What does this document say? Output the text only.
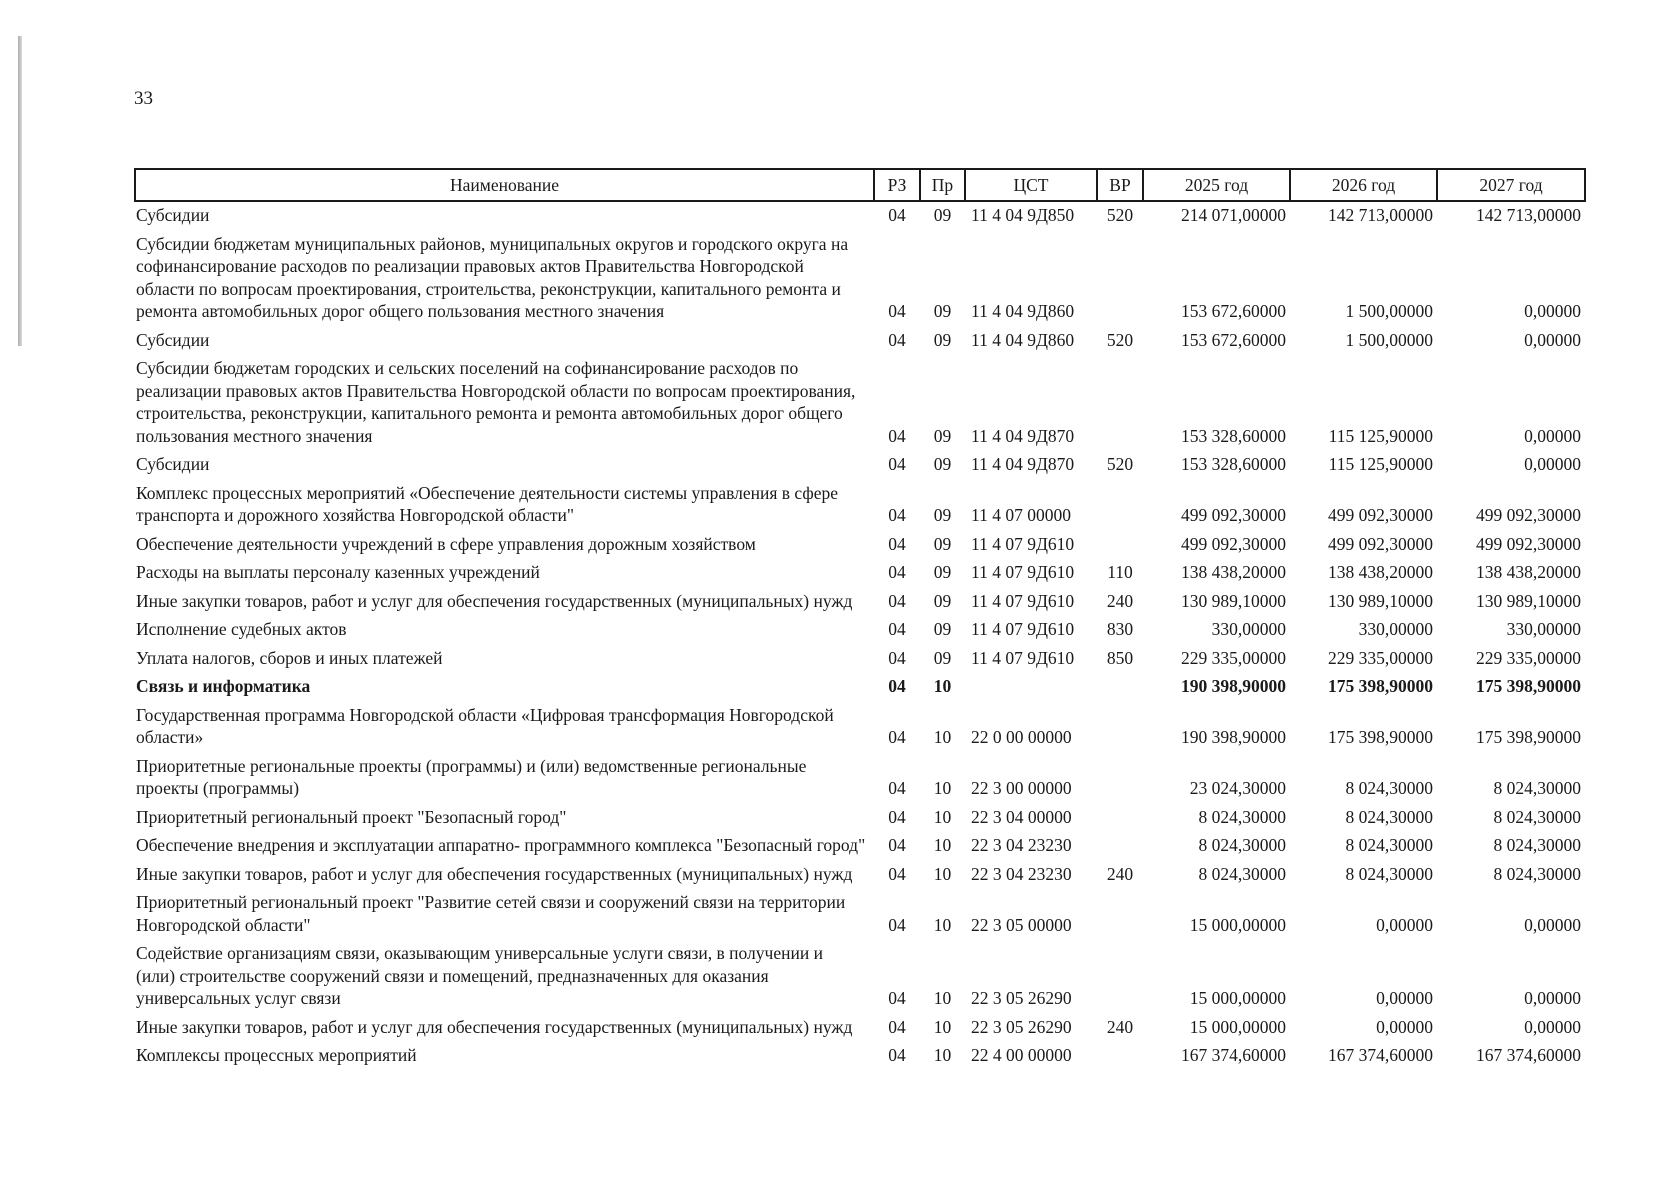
33
Наименование	РЗ	Пр	ЦСТ	ВР	2025 год	2026 год	2027 год
Субсидии	04	09	11 4 04 9Д850	520	214 071,00000	142 713,00000	142 713,00000
Субсидии бюджетам муниципальных районов, муниципальных округов и городского округа на софинансирование расходов по реализации правовых актов Правительства Новгородской области по вопросам проектирования, строительства, реконструкции, капитального ремонта и ремонта автомобильных дорог общего пользования местного значения	04	09	11 4 04 9Д860		153 672,60000	1 500,00000	0,00000
Субсидии	04	09	11 4 04 9Д860	520	153 672,60000	1 500,00000	0,00000
Субсидии бюджетам городских и сельских поселений на софинансирование расходов по реализации правовых актов Правительства Новгородской области по вопросам проектирования, строительства, реконструкции, капитального ремонта и ремонта автомобильных дорог общего пользования местного значения	04	09	11 4 04 9Д870		153 328,60000	115 125,90000	0,00000
Субсидии	04	09	11 4 04 9Д870	520	153 328,60000	115 125,90000	0,00000
Комплекс процессных мероприятий «Обеспечение деятельности системы управления в сфере транспорта и дорожного хозяйства Новгородской области"	04	09	11 4 07 00000		499 092,30000	499 092,30000	499 092,30000
Обеспечение деятельности учреждений в сфере управления дорожным хозяйством	04	09	11 4 07 9Д610		499 092,30000	499 092,30000	499 092,30000
Расходы на выплаты персоналу казенных учреждений	04	09	11 4 07 9Д610	110	138 438,20000	138 438,20000	138 438,20000
Иные закупки товаров, работ и услуг для обеспечения государственных (муниципальных) нужд	04	09	11 4 07 9Д610	240	130 989,10000	130 989,10000	130 989,10000
Исполнение судебных актов	04	09	11 4 07 9Д610	830	330,00000	330,00000	330,00000
Уплата налогов, сборов и иных платежей	04	09	11 4 07 9Д610	850	229 335,00000	229 335,00000	229 335,00000
Связь и информатика	04	10			190 398,90000	175 398,90000	175 398,90000
Государственная программа Новгородской области «Цифровая трансформация Новгородской области»	04	10	22 0 00 00000		190 398,90000	175 398,90000	175 398,90000
Приоритетные региональные проекты (программы) и (или) ведомственные региональные проекты (программы)	04	10	22 3 00 00000		23 024,30000	8 024,30000	8 024,30000
Приоритетный региональный проект "Безопасный город"	04	10	22 3 04 00000		8 024,30000	8 024,30000	8 024,30000
Обеспечение внедрения и эксплуатации аппаратно- программного комплекса "Безопасный город"	04	10	22 3 04 23230		8 024,30000	8 024,30000	8 024,30000
Иные закупки товаров, работ и услуг для обеспечения государственных (муниципальных) нужд	04	10	22 3 04 23230	240	8 024,30000	8 024,30000	8 024,30000
Приоритетный региональный проект "Развитие сетей связи и сооружений связи на территории Новгородской области"	04	10	22 3 05 00000		15 000,00000	0,00000	0,00000
Содействие организациям связи, оказывающим универсальные услуги связи, в получении и (или) строительстве сооружений связи и помещений, предназначенных для оказания универсальных услуг связи	04	10	22 3 05 26290		15 000,00000	0,00000	0,00000
Иные закупки товаров, работ и услуг для обеспечения государственных (муниципальных) нужд	04	10	22 3 05 26290	240	15 000,00000	0,00000	0,00000
Комплексы процессных мероприятий	04	10	22 4 00 00000		167 374,60000	167 374,60000	167 374,60000
